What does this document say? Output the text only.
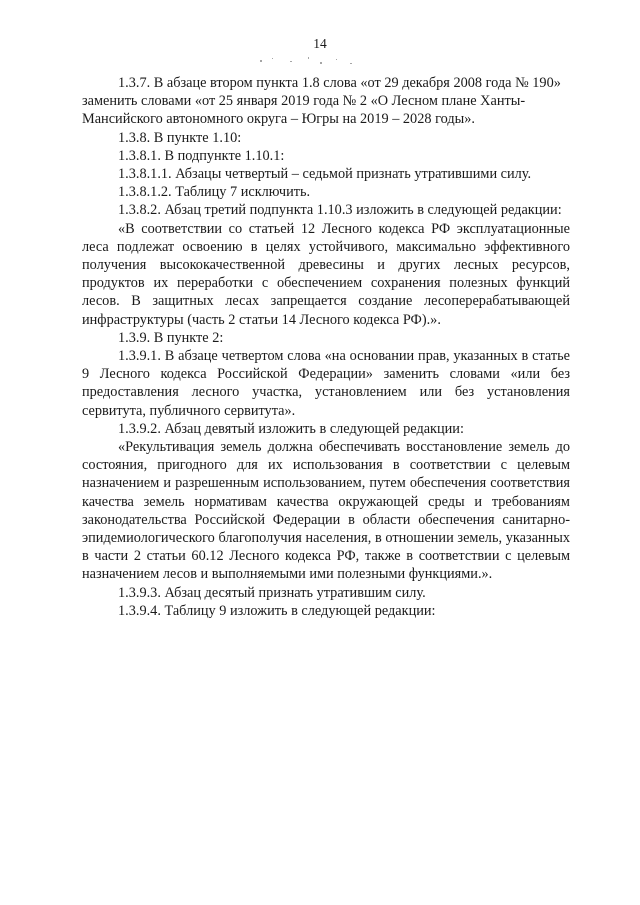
14

1.3.7. В абзаце втором пункта 1.8 слова «от 29 декабря 2008 года № 190» заменить словами «от 25 января 2019 года № 2 «О Лесном плане Ханты-Мансийского автономного округа – Югры на 2019 – 2028 годы».

1.3.8. В пункте 1.10:

1.3.8.1. В подпункте 1.10.1:

1.3.8.1.1. Абзацы четвертый – седьмой признать утратившими силу.

1.3.8.1.2. Таблицу 7 исключить.

1.3.8.2. Абзац третий подпункта 1.10.3 изложить в следующей редакции:

«В соответствии со статьей 12 Лесного кодекса РФ эксплуатационные леса подлежат освоению в целях устойчивого, максимально эффективного получения высококачественной древесины и других лесных ресурсов, продуктов их переработки с обеспечением сохранения полезных функций лесов. В защитных лесах запрещается создание лесоперерабатывающей инфраструктуры (часть 2 статьи 14 Лесного кодекса РФ).».

1.3.9. В пункте 2:

1.3.9.1. В абзаце четвертом слова «на основании прав, указанных в статье 9 Лесного кодекса Российской Федерации» заменить словами «или без предоставления лесного участка, установлением или без установления сервитута, публичного сервитута».

1.3.9.2. Абзац девятый изложить в следующей редакции:

«Рекультивация земель должна обеспечивать восстановление земель до состояния, пригодного для их использования в соответствии с целевым назначением и разрешенным использованием, путем обеспечения соответствия качества земель нормативам качества окружающей среды и требованиям законодательства Российской Федерации в области обеспечения санитарно-эпидемиологического благополучия населения, в отношении земель, указанных в части 2 статьи 60.12 Лесного кодекса РФ, также в соответствии с целевым назначением лесов и выполняемыми ими полезными функциями.».

1.3.9.3. Абзац десятый признать утратившим силу.

1.3.9.4. Таблицу 9 изложить в следующей редакции:
